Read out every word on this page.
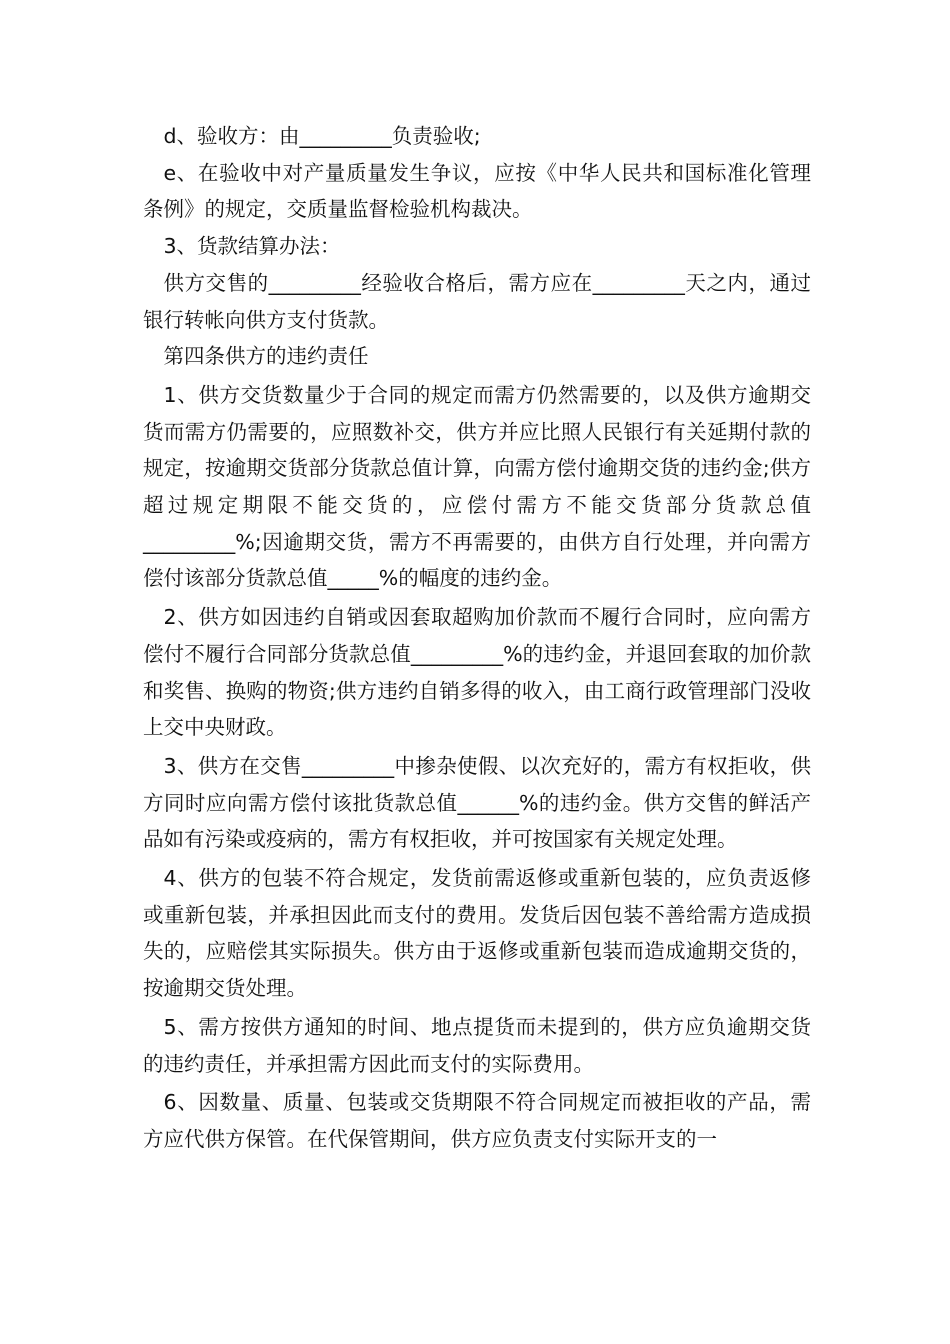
d、验收方：由_________负责验收;

e、在验收中对产量质量发生争议，应按《中华人民共和国标准化管理条例》的规定，交质量监督检验机构裁决。

3、货款结算办法：

供方交售的_________经验收合格后，需方应在_________天之内，通过银行转帐向供方支付货款。

第四条供方的违约责任

1、供方交货数量少于合同的规定而需方仍然需要的，以及供方逾期交货而需方仍需要的，应照数补交，供方并应比照人民银行有关延期付款的规定，按逾期交货部分货款总值计算，向需方偿付逾期交货的违约金;供方超过规定期限不能交货的，应偿付需方不能交货部分货款总值_________%;因逾期交货，需方不再需要的，由供方自行处理，并向需方偿付该部分货款总值_____%的幅度的违约金。

2、供方如因违约自销或因套取超购加价款而不履行合同时，应向需方偿付不履行合同部分货款总值_________%的违约金，并退回套取的加价款和奖售、换购的物资;供方违约自销多得的收入，由工商行政管理部门没收上交中央财政。

3、供方在交售_________中掺杂使假、以次充好的，需方有权拒收，供方同时应向需方偿付该批货款总值______%的违约金。供方交售的鲜活产品如有污染或疫病的，需方有权拒收，并可按国家有关规定处理。

4、供方的包装不符合规定，发货前需返修或重新包装的，应负责返修或重新包装，并承担因此而支付的费用。发货后因包装不善给需方造成损失的，应赔偿其实际损失。供方由于返修或重新包装而造成逾期交货的，按逾期交货处理。

5、需方按供方通知的时间、地点提货而未提到的，供方应负逾期交货的违约责任，并承担需方因此而支付的实际费用。

6、因数量、质量、包装或交货期限不符合同规定而被拒收的产品，需方应代供方保管。在代保管期间，供方应负责支付实际开支的一
